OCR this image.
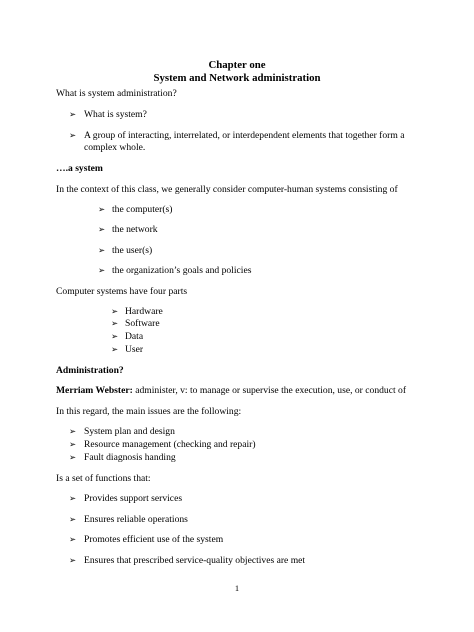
Chapter one
System and Network administration
What is system administration?
➢ What is system?
➢ A group of interacting, interrelated, or interdependent elements that together form a
complex whole.
….a system
In the context of this class, we generally consider computer-human systems consisting of
➢ the computer(s)
➢ the network
➢ the user(s)
➢ the organization’s goals and policies
Computer systems have four parts
➢ Hardware
➢ Software
➢ Data
➢ User
Administration?
Merriam Webster: administer, v: to manage or supervise the execution, use, or conduct of
In this regard, the main issues are the following:
➢ System plan and design
➢ Resource management (checking and repair)
➢ Fault diagnosis handing
Is a set of functions that:
➢ Provides support services
➢ Ensures reliable operations
➢ Promotes efficient use of the system
➢ Ensures that prescribed service-quality objectives are met
1
